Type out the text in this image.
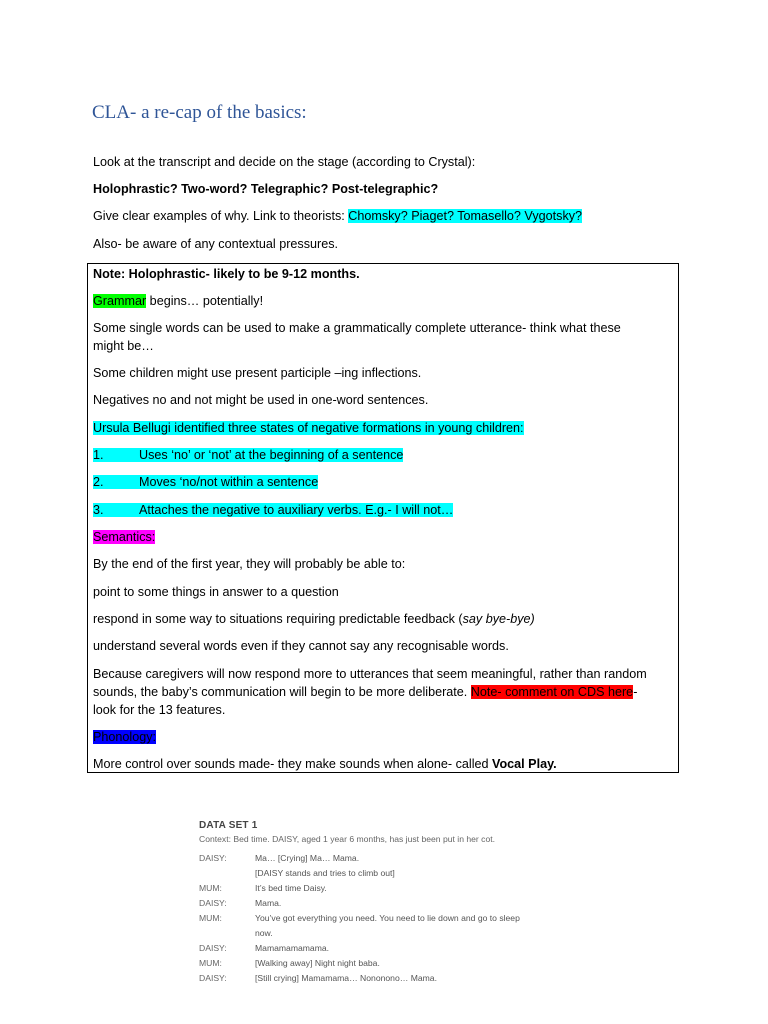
CLA- a re-cap of the basics:

Look at the transcript and decide on the stage (according to Crystal):

Holophrastic? Two-word? Telegraphic? Post-telegraphic?

Give clear examples of why. Link to theorists: Chomsky? Piaget? Tomasello? Vygotsky?

Also- be aware of any contextual pressures.

Note: Holophrastic- likely to be 9-12 months.

Grammar begins… potentially!

Some single words can be used to make a grammatically complete utterance- think what these

might be…

Some children might use present participle –ing inflections.

Negatives no and not might be used in one-word sentences.

Ursula Bellugi identified three states of negative formations in young children:

1.	Uses ‘no’ or ‘not’ at the beginning of a sentence

2.	Moves ‘no/not within a sentence

3.	Attaches the negative to auxiliary verbs. E.g.- I will not…

Semantics:

By the end of the first year, they will probably be able to:

point to some things in answer to a question

respond in some way to situations requiring predictable feedback (say bye-bye)

understand several words even if they cannot say any recognisable words.

Because caregivers will now respond more to utterances that seem meaningful, rather than random

sounds, the baby’s communication will begin to be more deliberate. Note- comment on CDS here-

look for the 13 features.

Phonology:

More control over sounds made- they make sounds when alone- called Vocal Play.

DATA SET 1

Context: Bed time. DAISY, aged 1 year 6 months, has just been put in her cot.

DAISY:	Ma… [Crying] Ma… Mama.
[DAISY stands and tries to climb out]
MUM:	It’s bed time Daisy.
DAISY:	Mama.
MUM:	You’ve got everything you need. You need to lie down and go to sleep now.
DAISY:	Mamamamamama.
MUM:	[Walking away] Night night baba.
DAISY:	[Still crying] Mamamama… Nononono… Mama.
